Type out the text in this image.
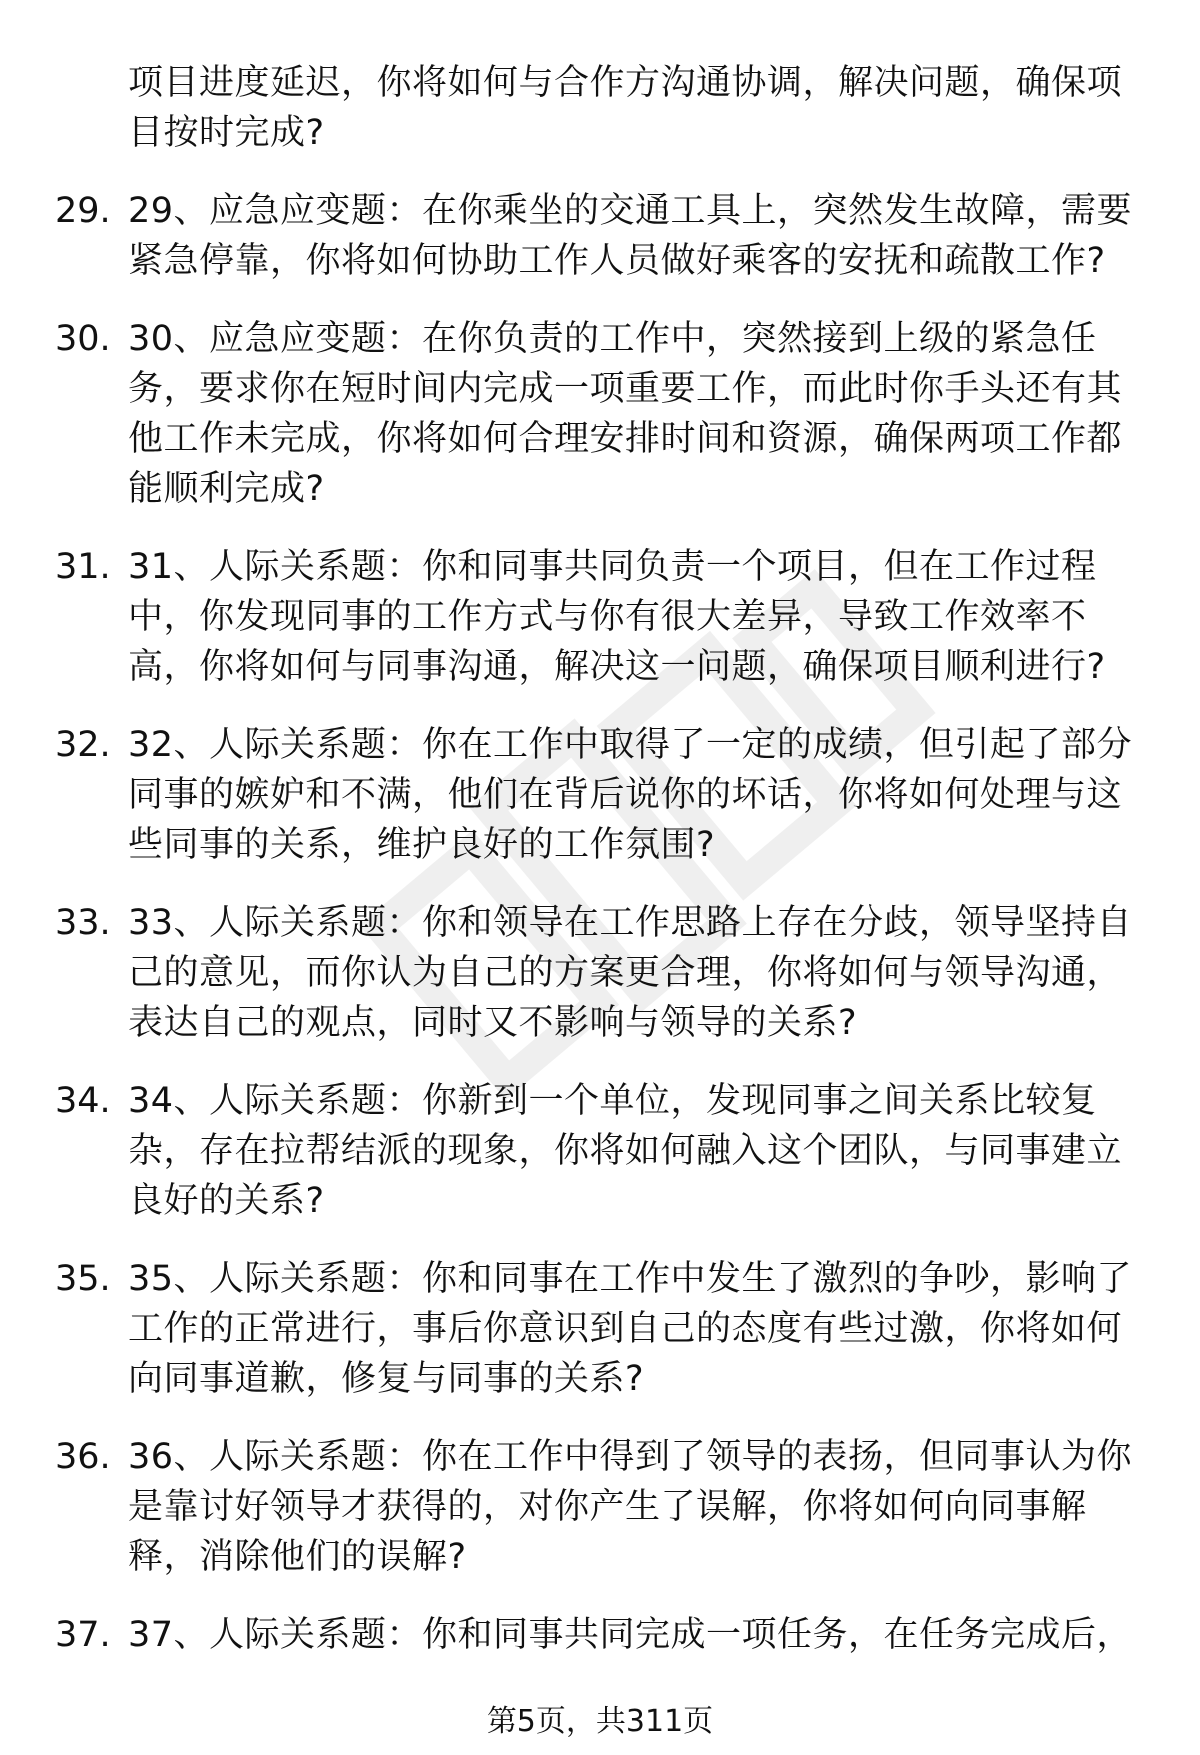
项目进度延迟，你将如何与合作方沟通协调，解决问题，确保项目按时完成?
29. 29、应急应变题：在你乘坐的交通工具上，突然发生故障，需要紧急停靠，你将如何协助工作人员做好乘客的安抚和疏散工作?
30. 30、应急应变题：在你负责的工作中，突然接到上级的紧急任务，要求你在短时间内完成一项重要工作，而此时你手头还有其他工作未完成，你将如何合理安排时间和资源，确保两项工作都能顺利完成?
31. 31、人际关系题：你和同事共同负责一个项目，但在工作过程中，你发现同事的工作方式与你有很大差异，导致工作效率不高，你将如何与同事沟通，解决这一问题，确保项目顺利进行?
32. 32、人际关系题：你在工作中取得了一定的成绩，但引起了部分同事的嫉妒和不满，他们在背后说你的坏话，你将如何处理与这些同事的关系，维护良好的工作氛围?
33. 33、人际关系题：你和领导在工作思路上存在分歧，领导坚持自己的意见，而你认为自己的方案更合理，你将如何与领导沟通，表达自己的观点，同时又不影响与领导的关系?
34. 34、人际关系题：你新到一个单位，发现同事之间关系比较复杂，存在拉帮结派的现象，你将如何融入这个团队，与同事建立良好的关系?
35. 35、人际关系题：你和同事在工作中发生了激烈的争吵，影响了工作的正常进行，事后你意识到自己的态度有些过激，你将如何向同事道歉，修复与同事的关系?
36. 36、人际关系题：你在工作中得到了领导的表扬，但同事认为你是靠讨好领导才获得的，对你产生了误解，你将如何向同事解释，消除他们的误解?
37. 37、人际关系题：你和同事共同完成一项任务，在任务完成后，
第5页，共311页
